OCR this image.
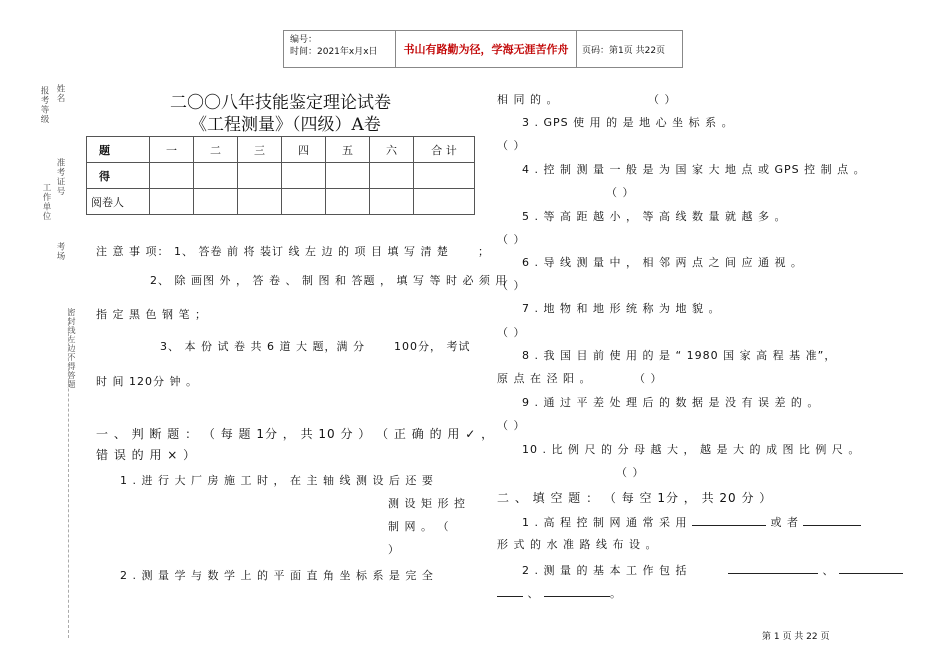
编号：
时间：2021年x月x日	书山有路勤为径，学海无涯苦作舟	页码：第1页 共22页
姓名
报考等级
准考证号
工作单位
考场
密封线左边不得答题
二〇〇八年技能鉴定理论试卷
《工程测量》（四级）A卷
题	一	二	三	四	五	六	合 计
得							
阅卷人							
注 意 事 项： 1、 答卷 前 将 装订 线 左 边 的 项 目 填 写 清 楚	；
2、 除 画图 外 ， 答 卷 、 制 图 和 答题 ， 填 写 等 时 必 须 用
指 定 黑 色 钢 笔 ；
3、 本 份 试 卷 共 6 道 大 题，满 分	100分， 考试
时 间 120分 钟 。
一 、 判 断 题 ： （ 每 题 1分 ， 共 10 分 ） （ 正 确 的 用 ✓ ，
错 误 的 用 × ）
1 . 进 行 大 厂 房 施 工 时 ， 在 主 轴 线 测 设 后 还 要
测 设 矩 形 控
制 网 。 （
）
2 . 测 量 学 与 数 学 上 的 平 面 直 角 坐 标 系 是 完 全
相 同 的 。	（ ）
3 . GPS 使 用 的 是 地 心 坐 标 系 。
（ ）
4 . 控 制 测 量 一 般 是 为 国 家 大 地 点 或 GPS 控 制 点 。
（ ）
5 . 等 高 距 越 小 ， 等 高 线 数 量 就 越 多 。
（ ）
6 . 导 线 测 量 中 ， 相 邻 两 点 之 间 应 通 视 。
（ ）
7 . 地 物 和 地 形 统 称 为 地 貌 。
（ ）
8 . 我 国 目 前 使 用 的 是 “ 1980 国 家 高 程 基 准”，
原 点 在 泾 阳 。	（ ）
9 . 通 过 平 差 处 理 后 的 数 据 是 没 有 误 差 的 。
（ ）
10 . 比 例 尺 的 分 母 越 大 ， 越 是 大 的 成 图 比 例 尺 。
（ ）
二 、 填 空 题 ： （ 每 空 1分 ， 共 20 分 ）
1 . 高 程 控 制 网 通 常 采 用	或 者
形 式 的 水 准 路 线 布 设 。
2 . 测 量 的 基 本 工 作 包 括	、
、	。
第 1 页 共 22 页
